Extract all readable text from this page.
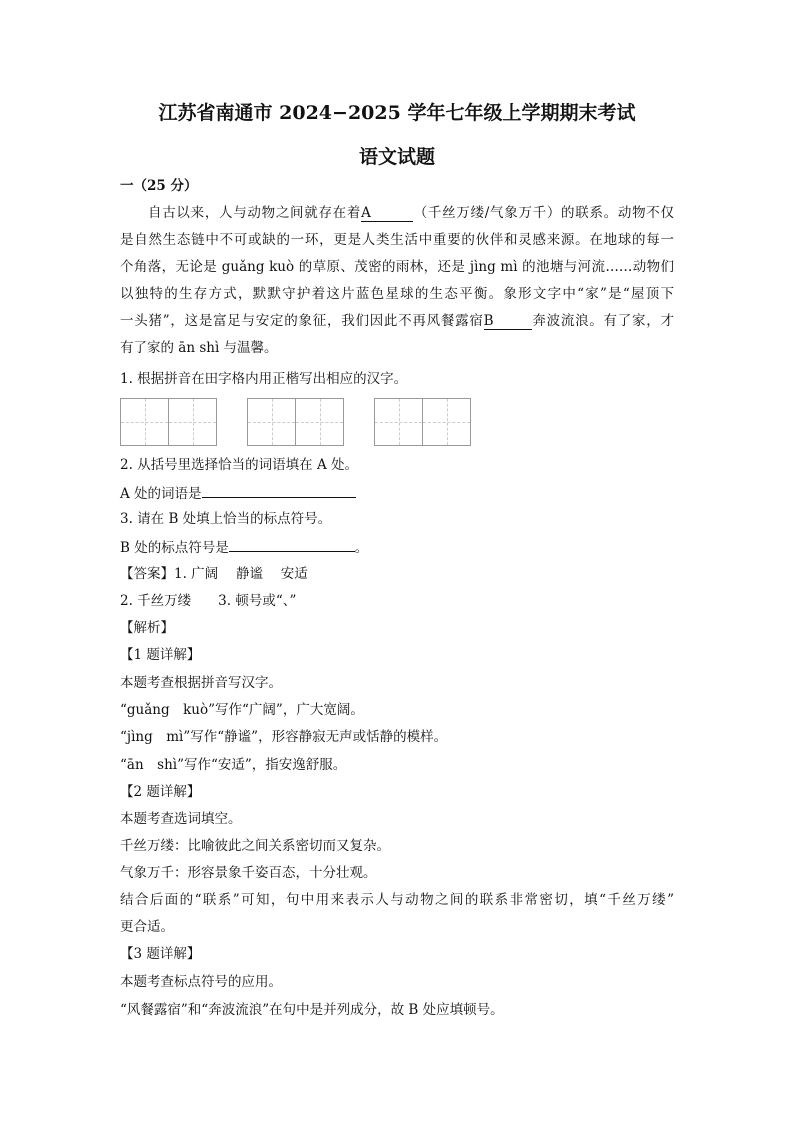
江苏省南通市 2024−2025 学年七年级上学期期末考试
语文试题
一（25 分）
自古以来，人与动物之间就存在着A	（千丝万缕/气象万千）的联系。动物不仅
是自然生态链中不可或缺的一环，更是人类生活中重要的伙伴和灵感来源。在地球的每一
个角落，无论是 guǎng kuò 的草原、茂密的雨林，还是 jìng mì 的池塘与河流……动物们
以独特的生存方式，默默守护着这片蓝色星球的生态平衡。象形文字中“家”是“屋顶下
一头猪”，这是富足与安定的象征，我们因此不再风餐露宿B	奔波流浪。有了家，才
有了家的 ān shì 与温馨。
1. 根据拼音在田字格内用正楷写出相应的汉字。
2. 从括号里选择恰当的词语填在 A 处。
A 处的词语是
3. 请在 B 处填上恰当的标点符号。
B 处的标点符号是	。
【答案】1. 广阔　 静谧　 安适
2. 千丝万缕　　3. 顿号或“、”
【解析】
【1 题详解】
本题考查根据拼音写汉字。
“guǎng　kuò”写作“广阔”，广大宽阔。
“jìng　mì”写作“静谧”，形容静寂无声或恬静的模样。
“ān　shì”写作“安适”，指安逸舒服。
【2 题详解】
本题考查选词填空。
千丝万缕：比喻彼此之间关系密切而又复杂。
气象万千：形容景象千姿百态，十分壮观。
结合后面的“联系”可知，句中用来表示人与动物之间的联系非常密切，填“千丝万缕”
更合适。
【3 题详解】
本题考查标点符号的应用。
“风餐露宿”和“奔波流浪”在句中是并列成分，故 B 处应填顿号。
